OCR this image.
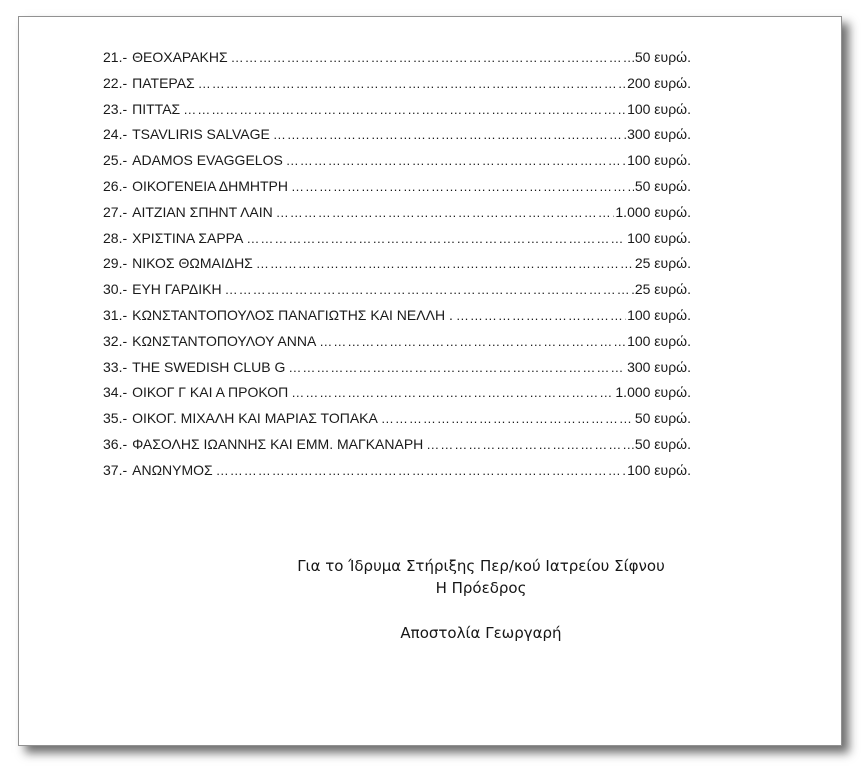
21.- ΘΕΟΧΑΡΑΚΗΣ ……………………………………………………………………………………………………………………………………………………	50 ευρώ.
22.- ΠΑΤΕΡΑΣ ……………………………………………………………………………………………………………………………………………………	200 ευρώ.
23.- ΠΙΤΤΑΣ ……………………………………………………………………………………………………………………………………………………	100 ευρώ.
24.- TSAVLIRIS SALVAGE ……………………………………………………………………………………………………………………………………………………	300 ευρώ.
25.- ADAMOS EVAGGELOS ……………………………………………………………………………………………………………………………………………………	100 ευρώ.
26.- ΟΙΚΟΓΕΝΕΙΑ ΔΗΜΗΤΡΗ ……………………………………………………………………………………………………………………………………………………	50 ευρώ.
27.- ΑΙΤΖΙΑΝ ΣΠΗΝΤ ΛΑΙΝ ……………………………………………………………………………………………………………………………………………………	1.000 ευρώ.
28.- ΧΡΙΣΤΙΝΑ ΣΑΡΡΑ ……………………………………………………………………………………………………………………………………………………	100 ευρώ.
29.- ΝΙΚΟΣ ΘΩΜΑΙΔΗΣ ……………………………………………………………………………………………………………………………………………………	25 ευρώ.
30.- ΕΥΗ ΓΑΡΔΙΚΗ ……………………………………………………………………………………………………………………………………………………	25 ευρώ.
31.- ΚΩΝΣΤΑΝΤΟΠΟΥΛΟΣ ΠΑΝΑΓΙΩΤΗΣ ΚΑΙ ΝΕΛΛΗ . ……………………………………………………………………………………………………………………………………………………	100 ευρώ.
32.- ΚΩΝΣΤΑΝΤΟΠΟΥΛΟΥ ΑΝΝΑ ……………………………………………………………………………………………………………………………………………………	100 ευρώ.
33.- THE SWEDISH CLUB G ……………………………………………………………………………………………………………………………………………………	300 ευρώ.
34.- ΟΙΚΟΓ Γ ΚΑΙ Α ΠΡΟΚΟΠ ……………………………………………………………………………………………………………………………………………………	1.000 ευρώ.
35.- ΟΙΚΟΓ. ΜΙΧΑΛΗ ΚΑΙ ΜΑΡΙΑΣ ΤΟΠΑΚΑ ……………………………………………………………………………………………………………………………………………………	50 ευρώ.
36.- ΦΑΣΟΛΗΣ ΙΩΑΝΝΗΣ ΚΑΙ ΕΜΜ. ΜΑΓΚΑΝΑΡΗ ……………………………………………………………………………………………………………………………………………………	50 ευρώ.
37.- ΑΝΩΝΥΜΟΣ ……………………………………………………………………………………………………………………………………………………	100 ευρώ.
Για το Ίδρυμα Στήριξης Περ/κού Ιατρείου Σίφνου
Η Πρόεδρος
Αποστολία Γεωργαρή
